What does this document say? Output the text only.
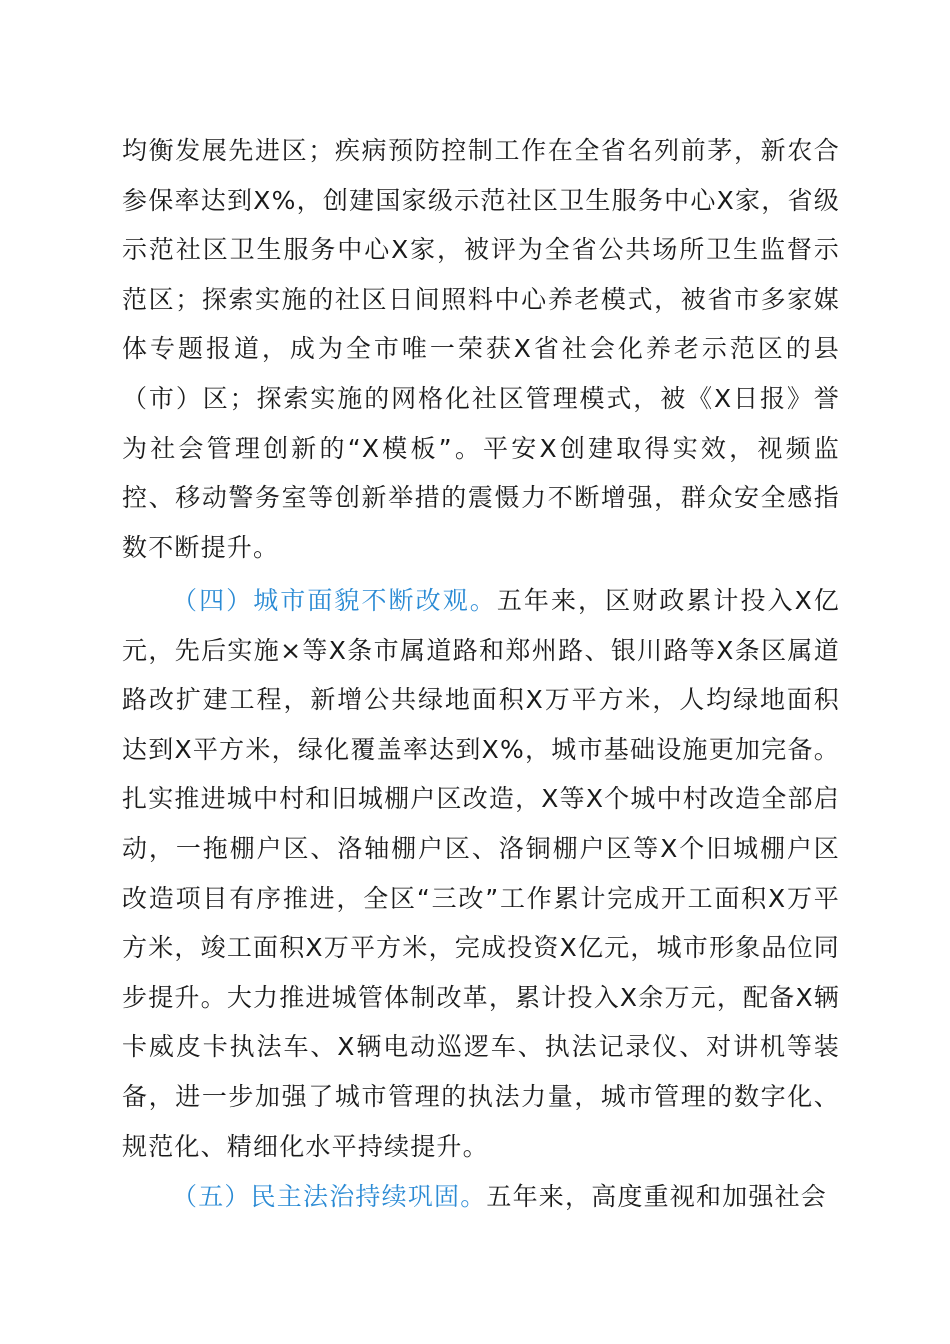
均衡发展先进区；疾病预防控制工作在全省名列前茅，新农合参保率达到X%，创建国家级示范社区卫生服务中心X家，省级示范社区卫生服务中心X家，被评为全省公共场所卫生监督示范区；探索实施的社区日间照料中心养老模式，被省市多家媒体专题报道，成为全市唯一荣获X省社会化养老示范区的县（市）区；探索实施的网格化社区管理模式，被《X日报》誉为社会管理创新的“X模板”。平安X创建取得实效，视频监控、移动警务室等创新举措的震慑力不断增强，群众安全感指数不断提升。

（四）城市面貌不断改观。五年来，区财政累计投入X亿元，先后实施×等X条市属道路和郑州路、银川路等X条区属道路改扩建工程，新增公共绿地面积X万平方米，人均绿地面积达到X平方米，绿化覆盖率达到X%，城市基础设施更加完备。扎实推进城中村和旧城棚户区改造，X等X个城中村改造全部启动，一拖棚户区、洛轴棚户区、洛铜棚户区等X个旧城棚户区改造项目有序推进，全区“三改”工作累计完成开工面积X万平方米，竣工面积X万平方米，完成投资X亿元，城市形象品位同步提升。大力推进城管体制改革，累计投入X余万元，配备X辆卡威皮卡执法车、X辆电动巡逻车、执法记录仪、对讲机等装备，进一步加强了城市管理的执法力量，城市管理的数字化、规范化、精细化水平持续提升。

（五）民主法治持续巩固。五年来，高度重视和加强社会
